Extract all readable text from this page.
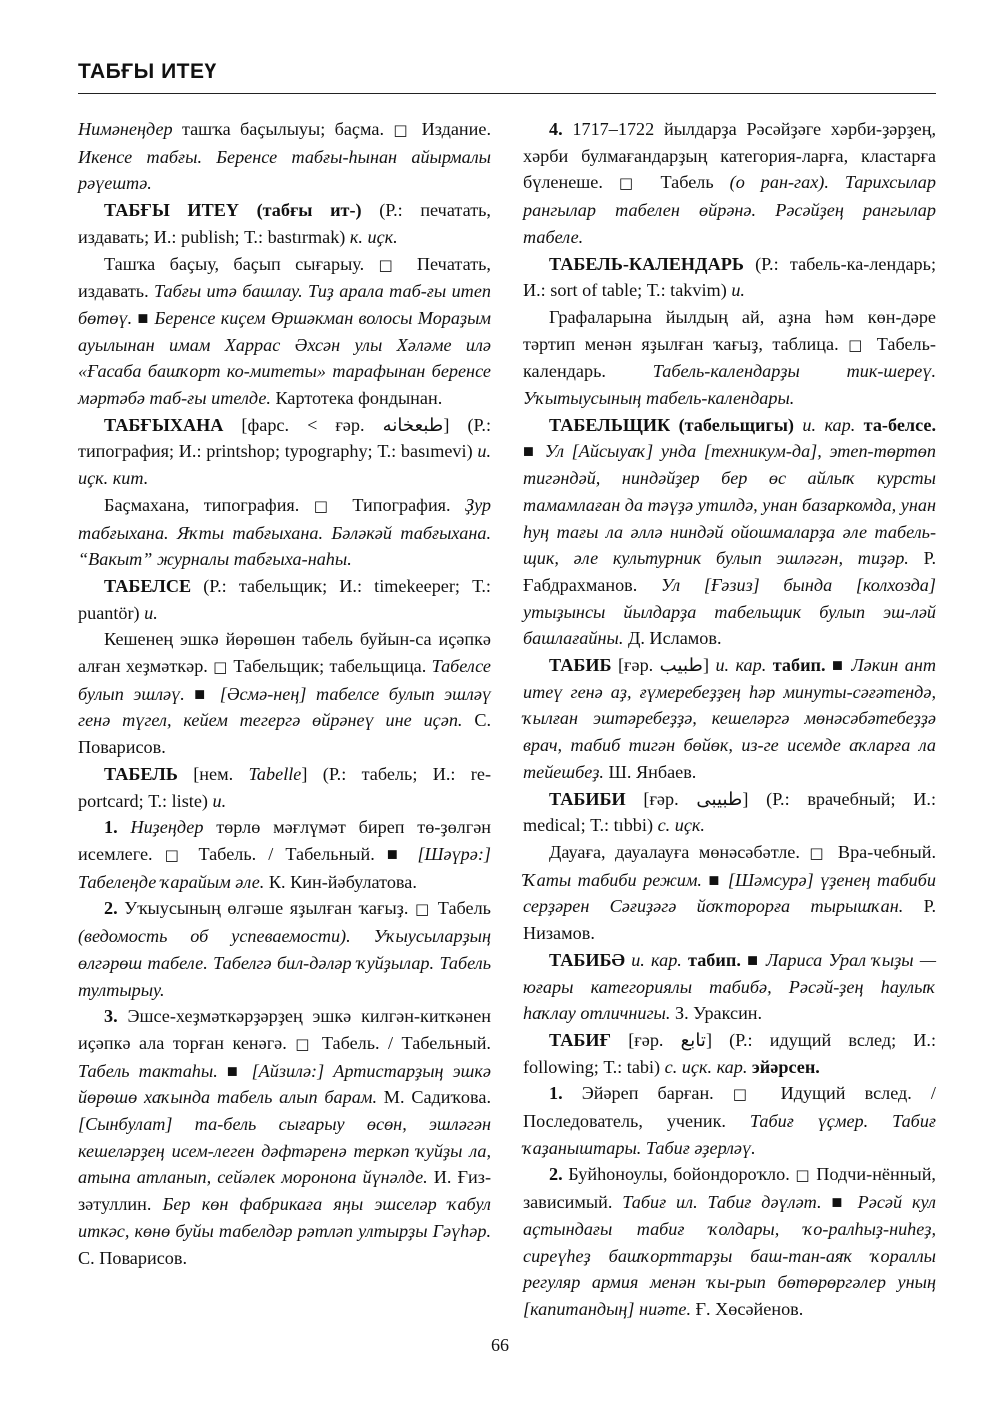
ТАБҒЫ ИТЕҮ

Нимәнеңдер ташҡа баҫылыуы; баҫма. □ Издание. Икенсе табғы. Беренсе табғы-һынан айырмалы рәүештә.

ТАБҒЫ ИТЕҮ (табғы ит-) (Р.: печатать, издавать; И.: publish; Т.: bastırmak) к. иҫк.

Ташҡа баҫыу, баҫып сығарыу. □ Печатать, издавать. Табғы итә башлау. Тиҙ арала таб-ғы итеп бөтөү. ■ Беренсе киҫем Өршәкман волосы Мораҙым ауылынан имам Харрас Әхсән улы Хәләме илә «Ғасаба башҡорт ко-митеты» тарафынан беренсе мәртәбә таб-ғы ителде. Картотека фондынан.

ТАБҒЫХАНА [фарс. < ғәр. طبعخانه] (Р.: типография; И.: printshop; typography; Т.: basımevi) и. иҫк. кит.

Баҫмахана, типография. □ Типография. Ҙур табғыхана. Яҡты табғыхана. Бәләкәй табғыхана. “Вакыт” журналы табғыха-наһы.

ТАБЕЛСЕ (Р.: табельщик; И.: timekeeper; Т.: puantör) и.

Кешенең эшкә йөрөшөн табель буйын-са иҫәпкә алған хеҙмәткәр. □ Табельщик; табельщица. Табелсе булып эшләү. ■ [Әсмә-нең] табелсе булып эшләү генә түгел, кейем тегергә өйрәнеү ине иҫәп. С. Поварисов.

ТАБЕЛЬ [нем. Tabelle] (Р.: табель; И.: re-portcard; Т.: liste) и.

1. Ниҙеңдер төрлө мәғлүмәт биреп тө-ҙөлгән исемлеге. □ Табель. / Табельный. ■ [Шәүрә:] Табелеңде ҡарайым әле. К. Кин-йәбулатова.

2. Уҡыусының өлгәше яҙылған ҡағыҙ. □ Табель (ведомость об успеваемости). Уҡыусыларҙың өлгәрөш табеле. Табелгә бил-дәләр ҡуйҙылар. Табель тултырыу.

3. Эшсе-хеҙмәткәрҙәрҙең эшкә килгән-киткәнен иҫәпкә ала торған кенәгә. □ Табель. / Табельный. Табель тактаһы. ■ [Айзилә:] Артистарҙың эшкә йөрөшө хаҡында табель алып барам. М. Садиҡова. [Сынбулат] та-бель сығарыу өсөн, эшләгән кешеләрҙең исем-леген дәфтәренә теркәп ҡуйҙы ла, атына атланып, сейәлек моронона йүнәлде. И. Ғиз-зәтуллин. Бер көн фабрикаға яңы эшселәр ҡабул иткәс, көнө буйы табелдәр рәтләп ултырҙы Гәүһәр. С. Поварисов.

4. 1717–1722 йылдарҙа Рәсәйҙәге хәрби-ҙәрҙең, хәрби булмағандарҙың категория-ларға, кластарға бүленеше. □ Табель (о ран-гах). Тарихсылар рангылар табелен өйрәнә. Рәсәйҙең рангылар табеле.

ТАБЕЛЬ-КАЛЕНДАРЬ (Р.: табель-ка-лендарь; И.: sort of table; Т.: takvim) и.

Графаларына йылдың ай, аҙна һәм көн-дәре тәртип менән яҙылған ҡағыҙ, таблица. □ Табель-календарь. Табель-календарҙы тик-шереү. Уҡытыусының табель-календары.

ТАБЕЛЬЩИК (табельщигы) и. кар. та-белсе. ■ Ул [Айсыуаҡ] унда [техникум-да], этеп-төртөп тигәндәй, ниндәйҙер бер өс айлыҡ курсты тамамлаған да тәүҙә утилдә, унан базаркомда, унан һуң тағы ла әллә ниндәй ойошмаларҙа әле табель-щик, әле культурник булып эшләгән, тиҙәр. Р. Ғабдрахманов. Ул [Ғәзиз] бында [колхозда] утыҙынсы йылдарҙа табельщик булып эш-ләй башлағайны. Д. Исламов.

ТАБИБ [ғәр. طبيب] и. кар. табип. ■ Ләкин ант итеү генә аҙ, ғүмеребеҙҙең һәр минуты-сәғәтендә, ҡылған эштәребеҙҙә, кешеләргә мөнәсәбәтебеҙҙә врач, табиб тигән бөйөк, из-ге исемде аҡларға ла тейешбеҙ. Ш. Янбаев.

ТАБИБИ [ғәр. طبيبى] (Р.: врачебный; И.: medical; Т.: tıbbi) с. иҫк.

Дауаға, дауалауға мөнәсәбәтле. □ Вра-чебный. Ҡаты табиби режим. ■ [Шәмсурә] үҙенең табиби серҙәрен Сәғиҙәгә йоҡторорға тырышҡан. Р. Низамов.

ТАБИБӘ и. кар. табип. ■ Лариса Урал ҡыҙы — юғары категориялы табибә, Рәсәй-ҙең һаулыҡ һаҡлау отличнигы. З. Ураксин.

ТАБИҒ [ғәр. تابع] (Р.: идущий вслед; И.: following; Т.: tabi) с. иҫк. кар. эйәрсен.

1. Эйәреп барған. □ Идущий вслед. / Последователь, ученик. Табиғ үҫмер. Табиғ ҡаҙаныштары. Табиғ әҙерләү.

2. Буйһоноулы, бойондороҡло. □ Подчи-нённый, зависимый. Табиғ ил. Табиғ дәүләт. ■ Рәсәй кул аҫтындағы табиғ ҡолдары, ҡо-ралһыҙ-ниһеҙ, сиреүһеҙ башҡорттарҙы баш-тан-аяҡ ҡоралл​ы регуляр армия менән ҡы-рып бөтөрөргәлер уның [капитандың] ниәте. Ғ. Хөсәйенов.

66
